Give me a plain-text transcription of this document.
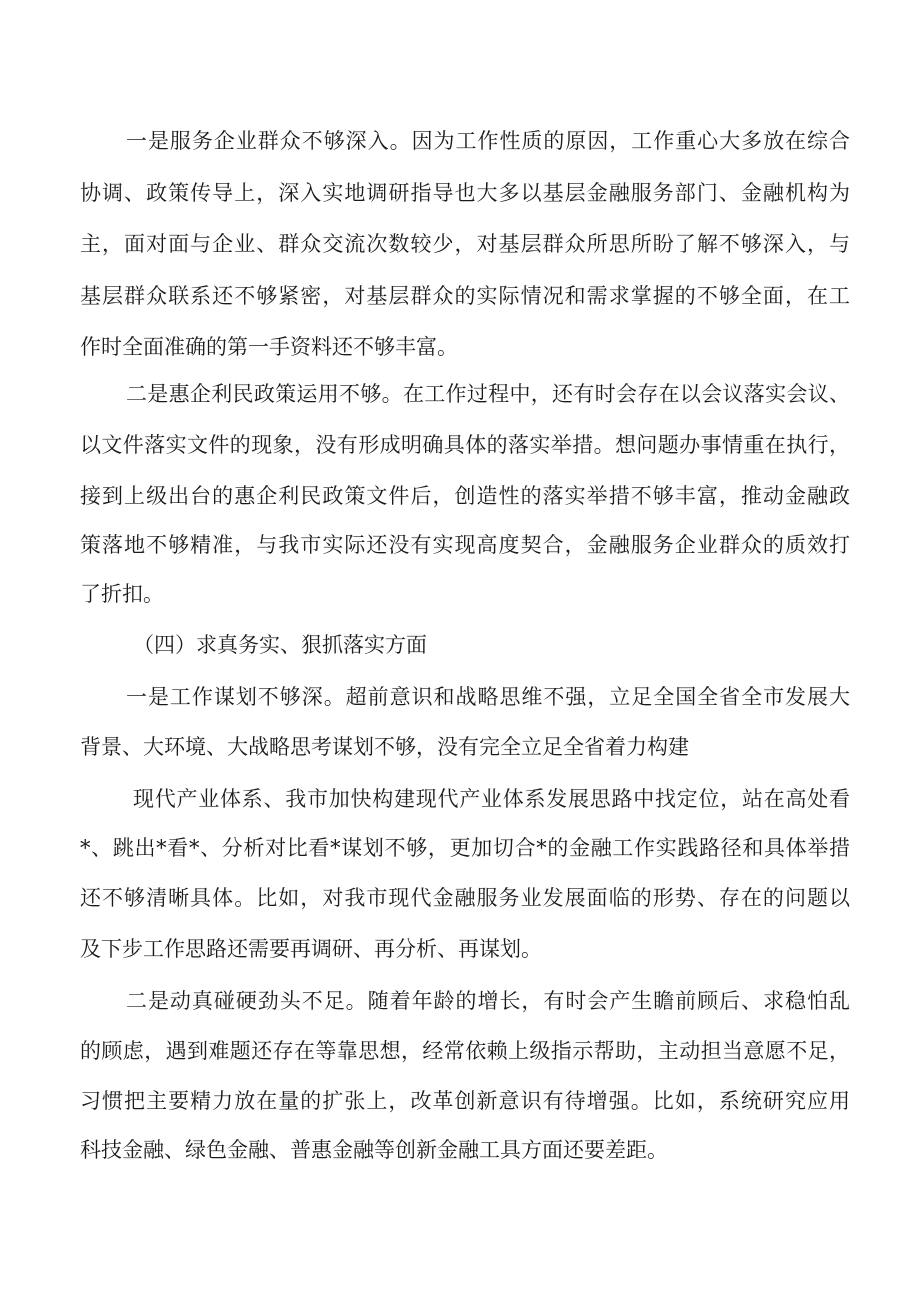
一是服务企业群众不够深入。因为工作性质的原因，工作重心大多放在综合
协调、政策传导上，深入实地调研指导也大多以基层金融服务部门、金融机构为
主，面对面与企业、群众交流次数较少，对基层群众所思所盼了解不够深入，与
基层群众联系还不够紧密，对基层群众的实际情况和需求掌握的不够全面，在工
作时全面准确的第一手资料还不够丰富。
二是惠企利民政策运用不够。在工作过程中，还有时会存在以会议落实会议、
以文件落实文件的现象，没有形成明确具体的落实举措。想问题办事情重在执行，
接到上级出台的惠企利民政策文件后，创造性的落实举措不够丰富，推动金融政
策落地不够精准，与我市实际还没有实现高度契合，金融服务企业群众的质效打
了折扣。
（四）求真务实、狠抓落实方面
一是工作谋划不够深。超前意识和战略思维不强，立足全国全省全市发展大
背景、大环境、大战略思考谋划不够，没有完全立足全省着力构建
现代产业体系、我市加快构建现代产业体系发展思路中找定位，站在高处看
*、跳出*看*、分析对比看*谋划不够，更加切合*的金融工作实践路径和具体举措
还不够清晰具体。比如，对我市现代金融服务业发展面临的形势、存在的问题以
及下步工作思路还需要再调研、再分析、再谋划。
二是动真碰硬劲头不足。随着年龄的增长，有时会产生瞻前顾后、求稳怕乱
的顾虑，遇到难题还存在等靠思想，经常依赖上级指示帮助，主动担当意愿不足，
习惯把主要精力放在量的扩张上，改革创新意识有待增强。比如，系统研究应用
科技金融、绿色金融、普惠金融等创新金融工具方面还要差距。
